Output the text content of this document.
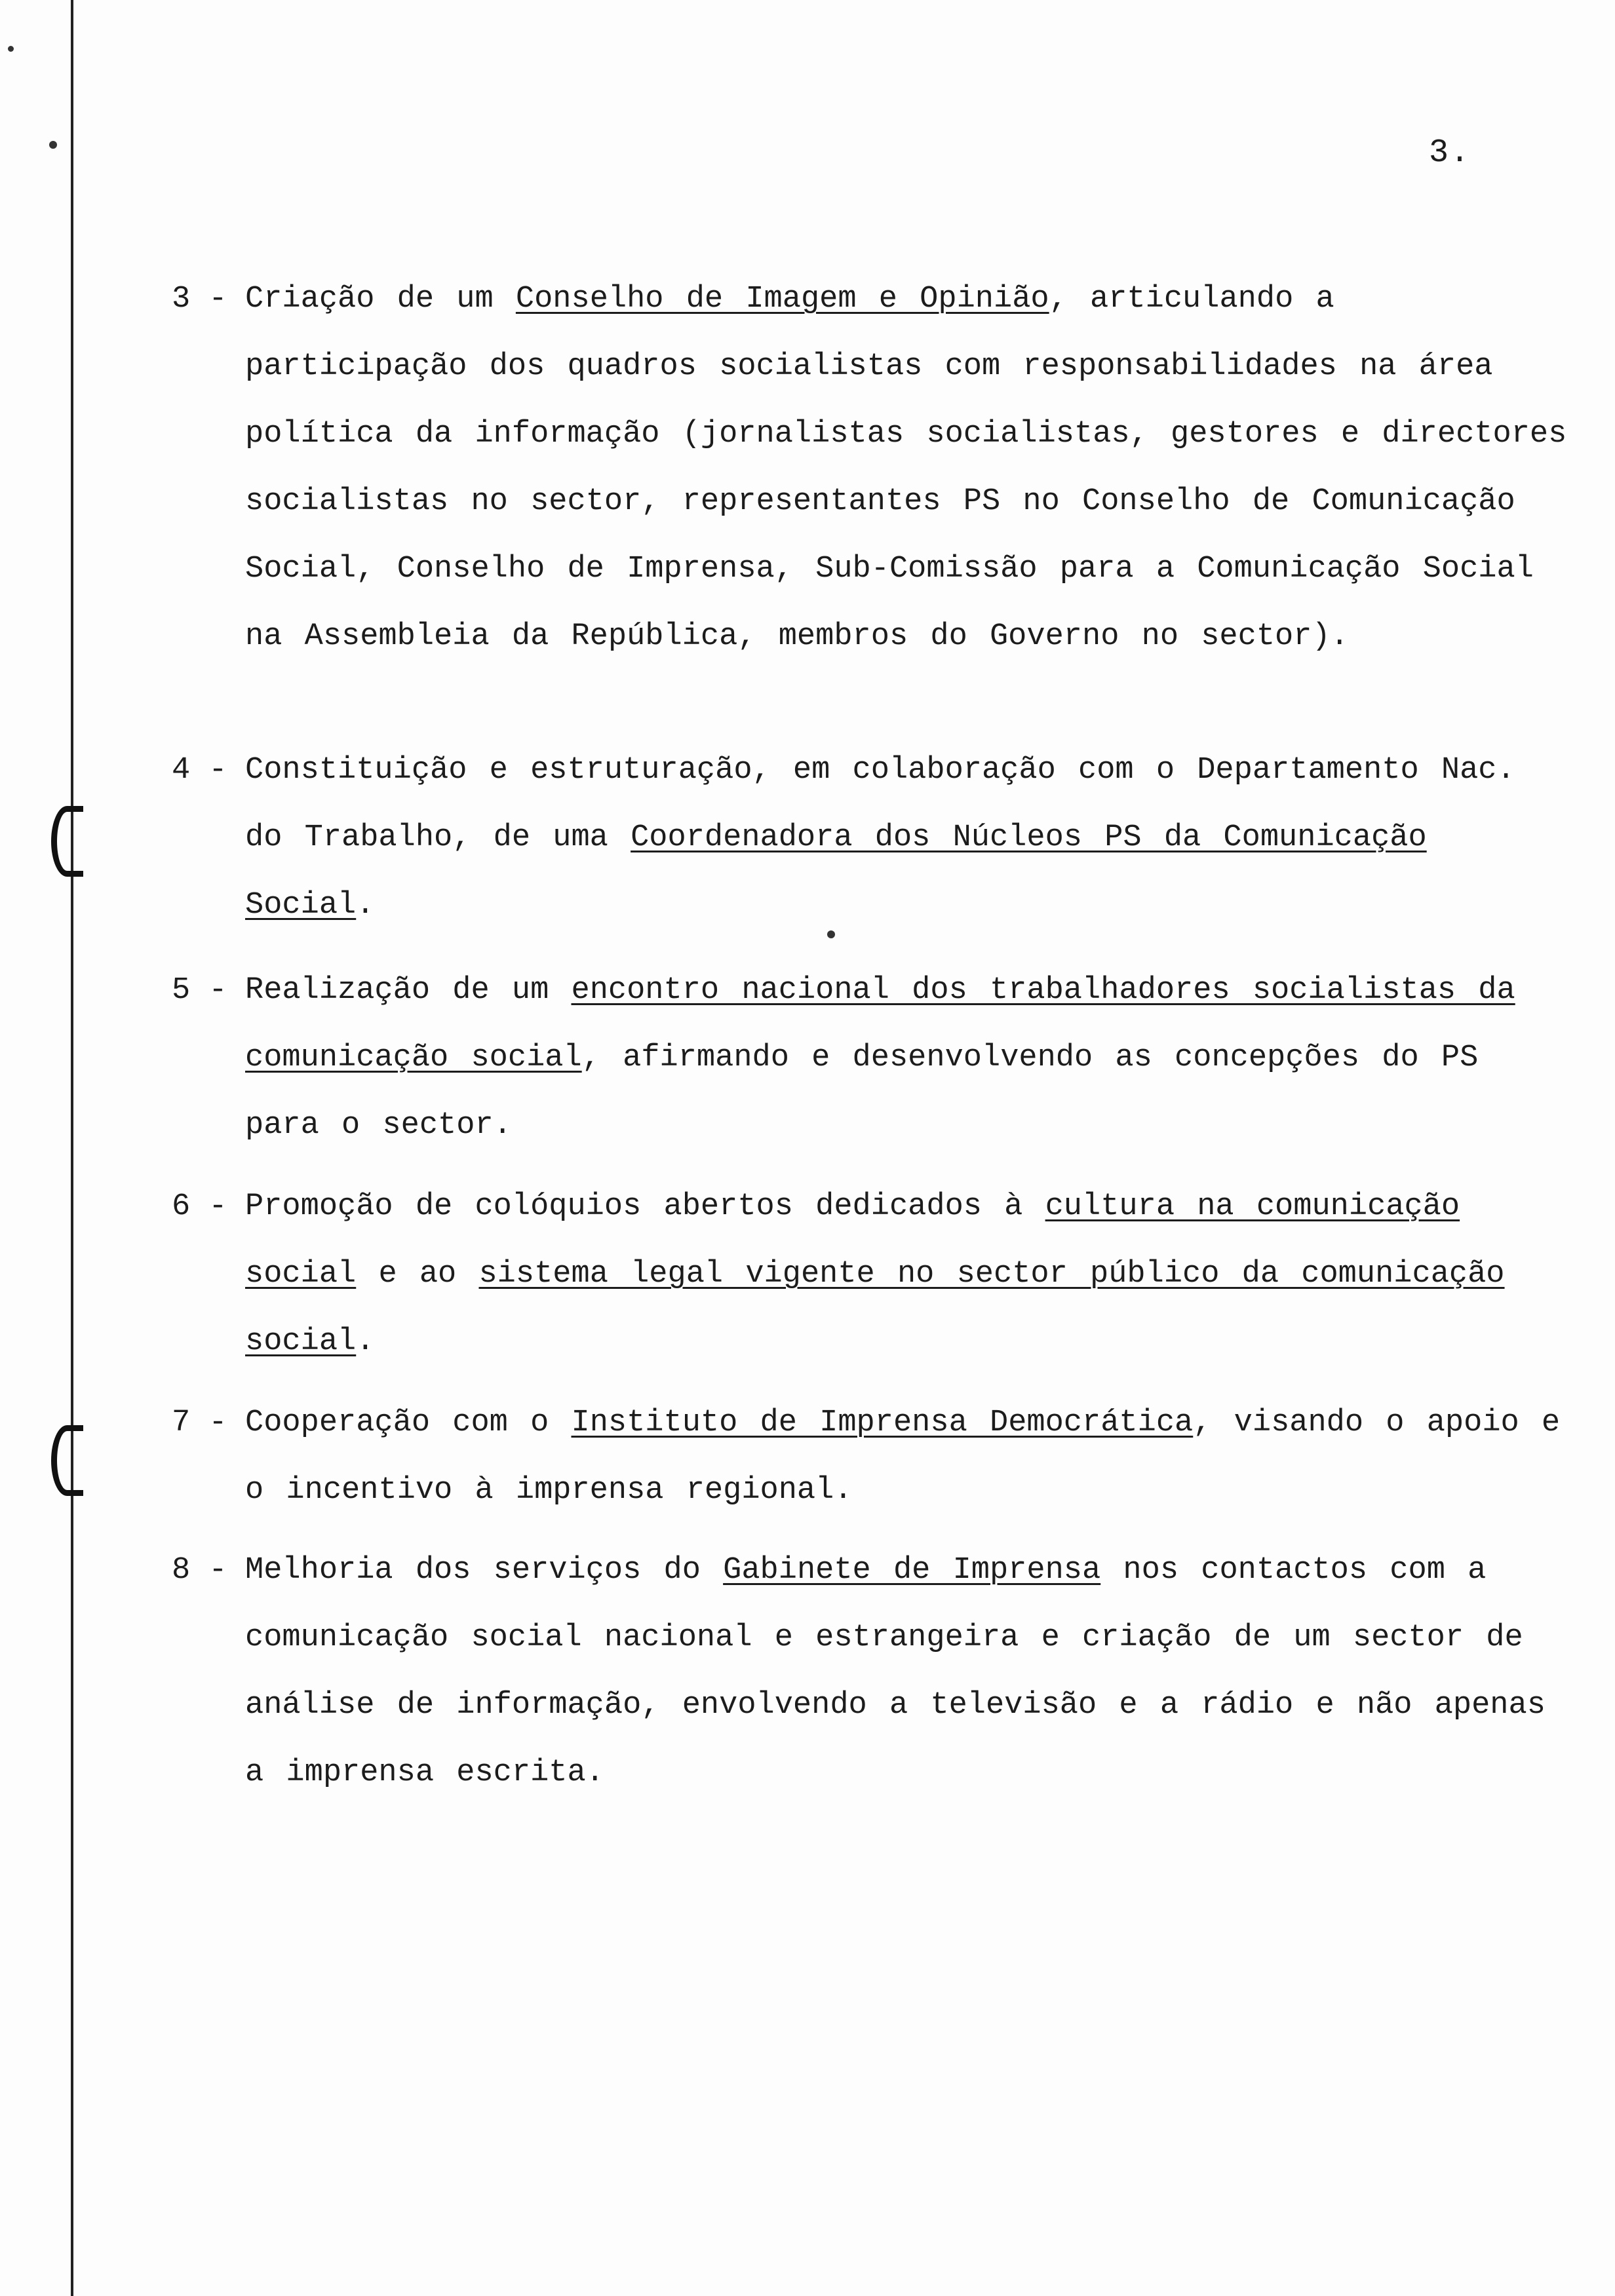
3.
3 - Criação de um Conselho de Imagem e Opinião, articulando a participação dos quadros socialistas com responsabilidades na área política da informação (jornalistas socialistas, gestores e directores socialistas no sector, representantes PS no Conselho de Comunicação Social, Conselho de Imprensa, Sub-Comissão para a Comunicação Social na Assembleia da República, membros do Governo no sector).
4 - Constituição e estruturação, em colaboração com o Departamento Nac. do Trabalho, de uma Coordenadora dos Núcleos PS da Comunicação Social.
5 - Realização de um encontro nacional dos trabalhadores socialistas da comunicação social, afirmando e desenvolvendo as concepções do PS para o sector.
6 - Promoção de colóquios abertos dedicados à cultura na comunicação social e ao sistema legal vigente no sector público da comunicação social.
7 - Cooperação com o Instituto de Imprensa Democrática, visando o apoio e o incentivo à imprensa regional.
8 - Melhoria dos serviços do Gabinete de Imprensa nos contactos com a comunicação social nacional e estrangeira e criação de um sector de análise de informação, envolvendo a televisão e a rádio e não apenas a imprensa escrita.
